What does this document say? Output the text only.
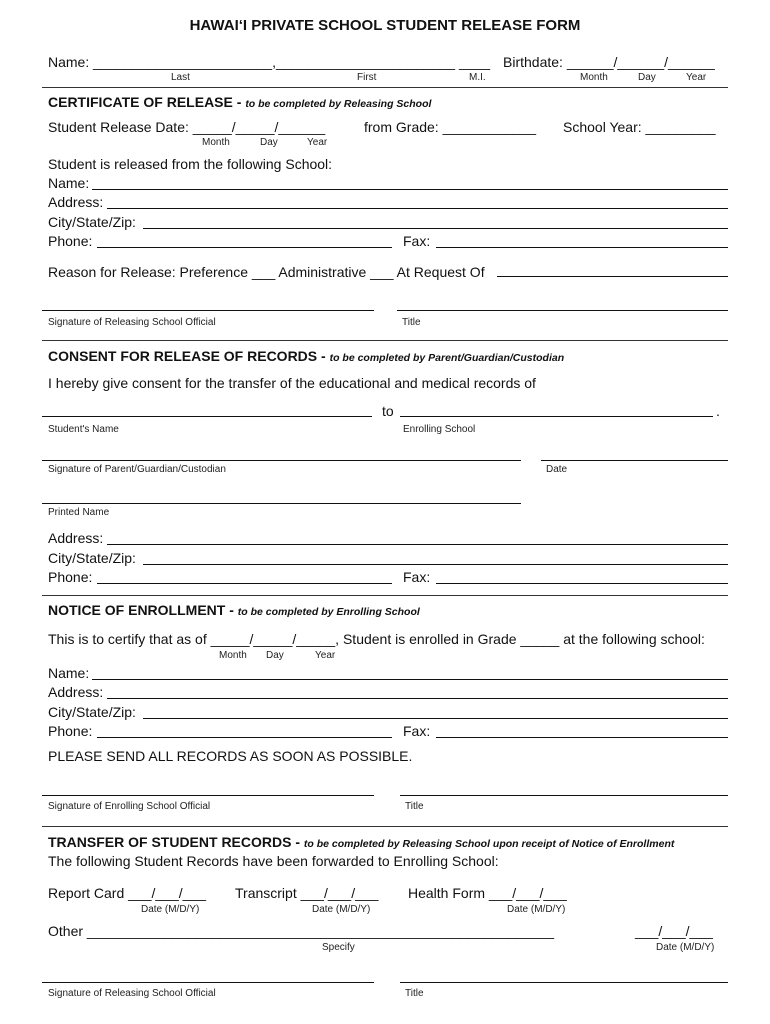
HAWAI‘I PRIVATE SCHOOL STUDENT RELEASE FORM
Name: _______________________,_______________________ ____ Birthdate: ______/______/______
Last	First	M.I.	Month	Day	Year
CERTIFICATE OF RELEASE - to be completed by Releasing School
Student Release Date: _____/_____/______	from Grade: ____________ School Year: _________
Month	Day	Year
Student is released from the following School:
Name:
Address:
City/State/Zip:
Phone:	Fax:
Reason for Release: Preference ___ Administrative ___ At Request Of
Signature of Releasing School Official	Title
CONSENT FOR RELEASE OF RECORDS - to be completed by Parent/Guardian/Custodian
I hereby give consent for the transfer of the educational and medical records of
to	.
Student's Name	Enrolling School
Signature of Parent/Guardian/Custodian	Date
Printed Name
Address:
City/State/Zip:
Phone:	Fax:
NOTICE OF ENROLLMENT - to be completed by Enrolling School
This is to certify that as of _____/_____/_____, Student is enrolled in Grade _____ at the following school:
Month Day	Year
Name:
Address:
City/State/Zip:
Phone:	Fax:
PLEASE SEND ALL RECORDS AS SOON AS POSSIBLE.
Signature of Enrolling School Official	Title
TRANSFER OF STUDENT RECORDS - to be completed by Releasing School upon receipt of Notice of Enrollment
The following Student Records have been forwarded to Enrolling School:
Report Card ___/___/___ Transcript ___/___/___ Health Form ___/___/___
Date (M/D/Y)	Date (M/D/Y)	Date (M/D/Y)
Other ____________________________________________________________	___/___/___
Specify	Date (M/D/Y)
Signature of Releasing School Official	Title
